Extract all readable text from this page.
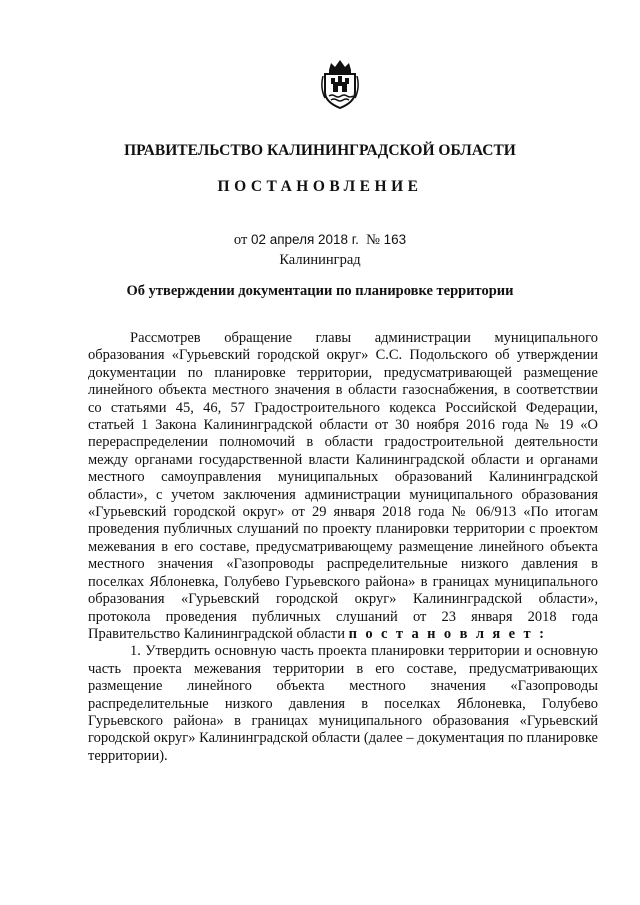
ПРАВИТЕЛЬСТВО КАЛИНИНГРАДСКОЙ ОБЛАСТИ
ПОСТАНОВЛЕНИЕ
от 02 апреля 2018 г. № 163
Калининград
Об утверждении документации по планировке территории

Рассмотрев обращение главы администрации муниципального образования «Гурьевский городской округ» С.С. Подольского об утверждении документации по планировке территории, предусматривающей размещение линейного объекта местного значения в области газоснабжения, в соответствии со статьями 45, 46, 57 Градостроительного кодекса Российской Федерации, статьей 1 Закона Калининградской области от 30 ноября 2016 года № 19 «О перераспределении полномочий в области градостроительной деятельности между органами государственной власти Калининградской области и органами местного самоуправления муниципальных образований Калининградской области», с учетом заключения администрации муниципального образования «Гурьевский городской округ» от 29 января 2018 года № 06/913 «По итогам проведения публичных слушаний по проекту планировки территории с проектом межевания в его составе, предусматривающему размещение линейного объекта местного значения «Газопроводы распределительные низкого давления в поселках Яблоневка, Голубево Гурьевского района» в границах муниципального образования «Гурьевский городской округ» Калининградской области», протокола проведения публичных слушаний от 23 января 2018 года Правительство Калининградской области п о с т а н о в л я е т :

1. Утвердить основную часть проекта планировки территории и основную часть проекта межевания территории в его составе, предусматривающих размещение линейного объекта местного значения «Газопроводы распределительные низкого давления в поселках Яблоневка, Голубево Гурьевского района» в границах муниципального образования «Гурьевский городской округ» Калининградской области (далее – документация по планировке территории).
